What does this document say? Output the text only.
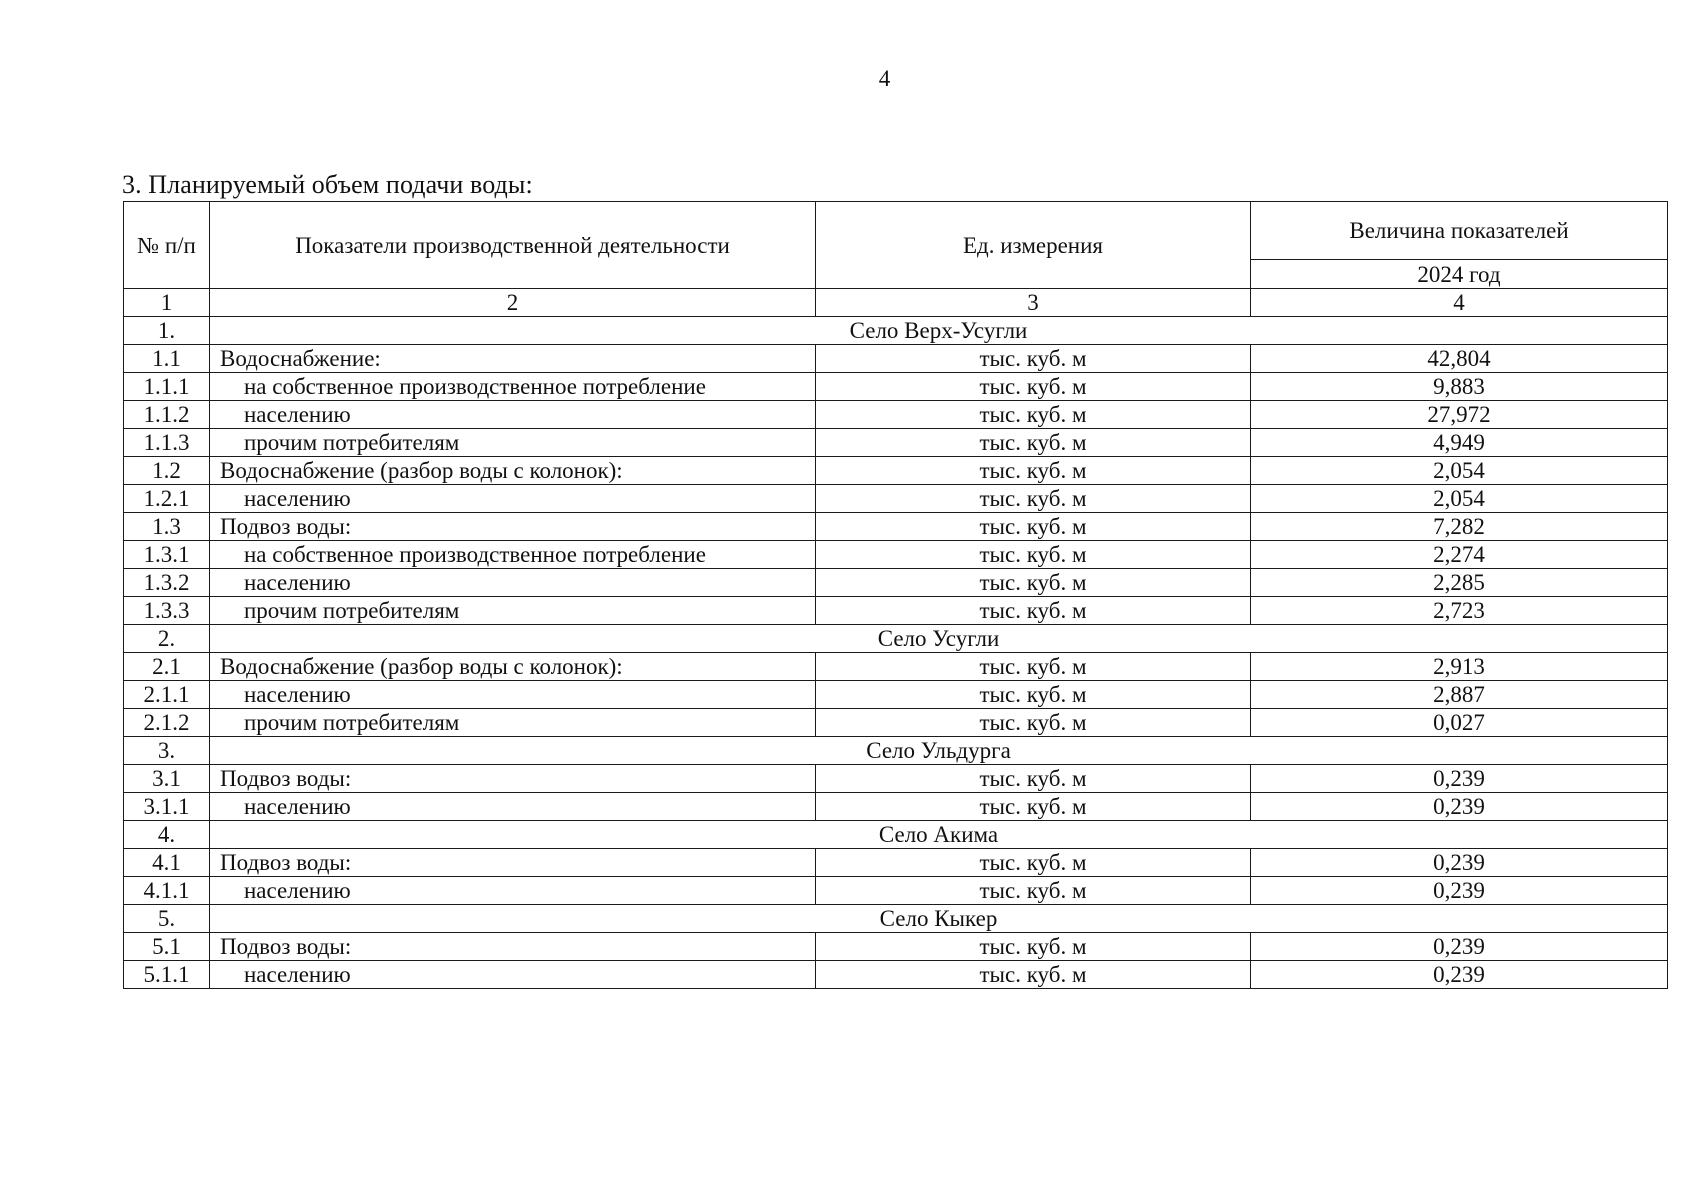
4
3. Планируемый объем подачи воды:
№ п/п	Показатели производственной деятельности	Ед. измерения	Величина показателей
			2024 год
1	2	3	4
1.	Село Верх-Усугли		
1.1	Водоснабжение:	тыс. куб. м	42,804
1.1.1	на собственное производственное потребление	тыс. куб. м	9,883
1.1.2	населению	тыс. куб. м	27,972
1.1.3	прочим потребителям	тыс. куб. м	4,949
1.2	Водоснабжение (разбор воды с колонок):	тыс. куб. м	2,054
1.2.1	населению	тыс. куб. м	2,054
1.3	Подвоз воды:	тыс. куб. м	7,282
1.3.1	на собственное производственное потребление	тыс. куб. м	2,274
1.3.2	населению	тыс. куб. м	2,285
1.3.3	прочим потребителям	тыс. куб. м	2,723
2.	Село Усугли		
2.1	Водоснабжение (разбор воды с колонок):	тыс. куб. м	2,913
2.1.1	населению	тыс. куб. м	2,887
2.1.2	прочим потребителям	тыс. куб. м	0,027
3.	Село Ульдурга		
3.1	Подвоз воды:	тыс. куб. м	0,239
3.1.1	населению	тыс. куб. м	0,239
4.	Село Акима		
4.1	Подвоз воды:	тыс. куб. м	0,239
4.1.1	населению	тыс. куб. м	0,239
5.	Село Кыкер		
5.1	Подвоз воды:	тыс. куб. м	0,239
5.1.1	населению	тыс. куб. м	0,239
